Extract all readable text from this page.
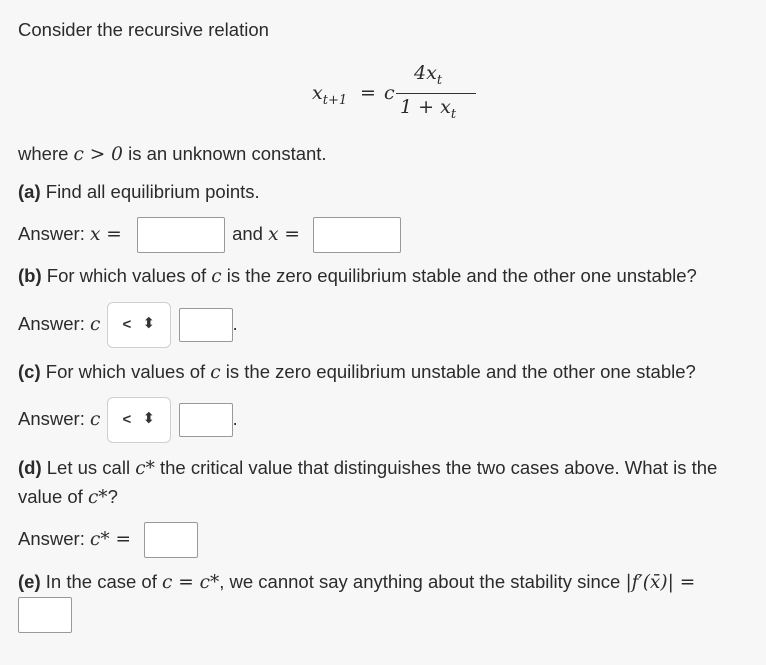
Consider the recursive relation
$x_{t+1} = c$
$4x_t$
$1 + x_t$
where c > 0 is an unknown constant.
(a) Find all equilibrium points.
Answer: x =	and x =
(b) For which values of c is the zero equilibrium stable and the other one unstable?
Answer: c < ⬍	.
(c) For which values of c is the zero equilibrium unstable and the other one stable?
Answer: c < ⬍	.
(d) Let us call c* the critical value that distinguishes the two cases above. What is the
value of c*?
Answer: c* =
(e) In the case of c = c*, we cannot say anything about the stability since |f′(x̄)| =
